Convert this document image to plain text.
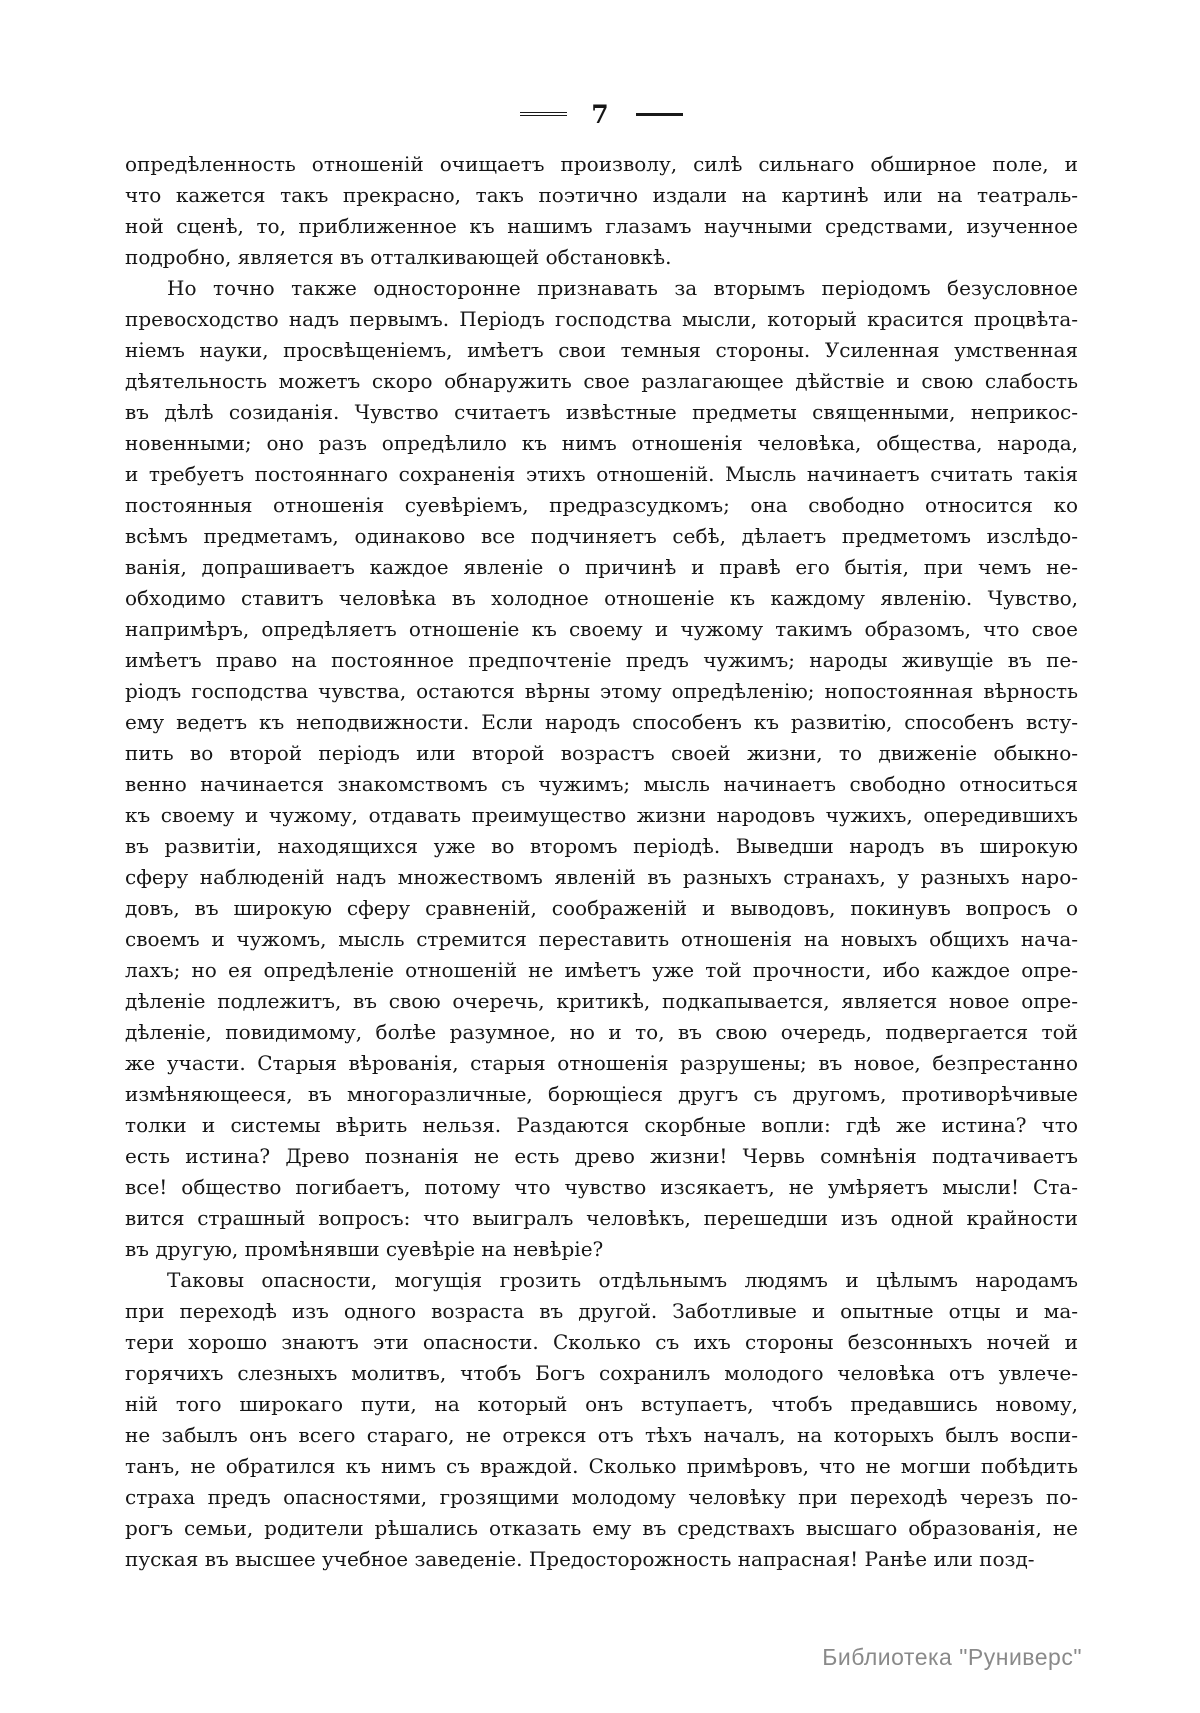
7
опредѣленность отношеній очищаетъ произволу, силѣ сильнаго обширное поле, и
что кажется такъ прекрасно, такъ поэтично издали на картинѣ или на театраль-
ной сценѣ, то, приближенное къ нашимъ глазамъ научными средствами, изученное
подробно, является въ отталкивающей обстановкѣ.
Но точно также односторонне признавать за вторымъ періодомъ безусловное
превосходство надъ первымъ. Періодъ господства мысли, который красится процвѣта-
ніемъ науки, просвѣщеніемъ, имѣетъ свои темныя стороны. Усиленная умственная
дѣятельность можетъ скоро обнаружить свое разлагающее дѣйствіе и свою слабость
въ дѣлѣ созиданія. Чувство считаетъ извѣстные предметы священными, неприкос-
новенными; оно разъ опредѣлило къ нимъ отношенія человѣка, общества, народа,
и требуетъ постояннаго сохраненія этихъ отношеній. Мысль начинаетъ считать такія
постоянныя отношенія суевѣріемъ, предразсудкомъ; она свободно относится ко
всѣмъ предметамъ, одинаково все подчиняетъ себѣ, дѣлаетъ предметомъ изслѣдо-
ванія, допрашиваетъ каждое явленіе о причинѣ и правѣ его бытія, при чемъ не-
обходимо ставитъ человѣка въ холодное отношеніе къ каждому явленію. Чувство,
напримѣръ, опредѣляетъ отношеніе къ своему и чужому такимъ образомъ, что свое
имѣетъ право на постоянное предпочтеніе предъ чужимъ; народы живущіе въ пе-
ріодъ господства чувства, остаются вѣрны этому опредѣленію; нопостоянная вѣрность
ему ведетъ къ неподвижности. Если народъ способенъ къ развитію, способенъ всту-
пить во второй періодъ или второй возрастъ своей жизни, то движеніе обыкно-
венно начинается знакомствомъ съ чужимъ; мысль начинаетъ свободно относиться
къ своему и чужому, отдавать преимущество жизни народовъ чужихъ, опередившихъ
въ развитіи, находящихся уже во второмъ періодѣ. Выведши народъ въ широкую
сферу наблюденій надъ множествомъ явленій въ разныхъ странахъ, у разныхъ наро-
довъ, въ широкую сферу сравненій, соображеній и выводовъ, покинувъ вопросъ о
своемъ и чужомъ, мысль стремится переставить отношенія на новыхъ общихъ нача-
лахъ; но ея опредѣленіе отношеній не имѣетъ уже той прочности, ибо каждое опре-
дѣленіе подлежитъ, въ свою очеречь, критикѣ, подкапывается, является новое опре-
дѣленіе, повидимому, болѣе разумное, но и то, въ свою очередь, подвергается той
же участи. Старыя вѣрованія, старыя отношенія разрушены; въ новое, безпрестанно
измѣняющееся, въ многоразличные, борющіеся другъ съ другомъ, противорѣчивые
толки и системы вѣрить нельзя. Раздаются скорбные вопли: гдѣ же истина? что
есть истина? Древо познанія не есть древо жизни! Червь сомнѣнія подтачиваетъ
все! общество погибаетъ, потому что чувство изсякаетъ, не умѣряетъ мысли! Ста-
вится страшный вопросъ: что выигралъ человѣкъ, перешедши изъ одной крайности
въ другую, промѣнявши суевѣріе на невѣріе?
Таковы опасности, могущія грозить отдѣльнымъ людямъ и цѣлымъ народамъ
при переходѣ изъ одного возраста въ другой. Заботливые и опытные отцы и ма-
тери хорошо знаютъ эти опасности. Сколько съ ихъ стороны безсонныхъ ночей и
горячихъ слезныхъ молитвъ, чтобъ Богъ сохранилъ молодого человѣка отъ увлече-
ній того широкаго пути, на который онъ вступаетъ, чтобъ предавшись новому,
не забылъ онъ всего стараго, не отрекся отъ тѣхъ началъ, на которыхъ былъ воспи-
танъ, не обратился къ нимъ съ враждой. Сколько примѣровъ, что не могши побѣдить
страха предъ опасностями, грозящими молодому человѣку при переходѣ черезъ по-
рогъ семьи, родители рѣшались отказать ему въ средствахъ высшаго образованія, не
пуская въ высшее учебное заведеніе. Предосторожность напрасная! Ранѣе или позд-
Библиотека "Руниверс"
